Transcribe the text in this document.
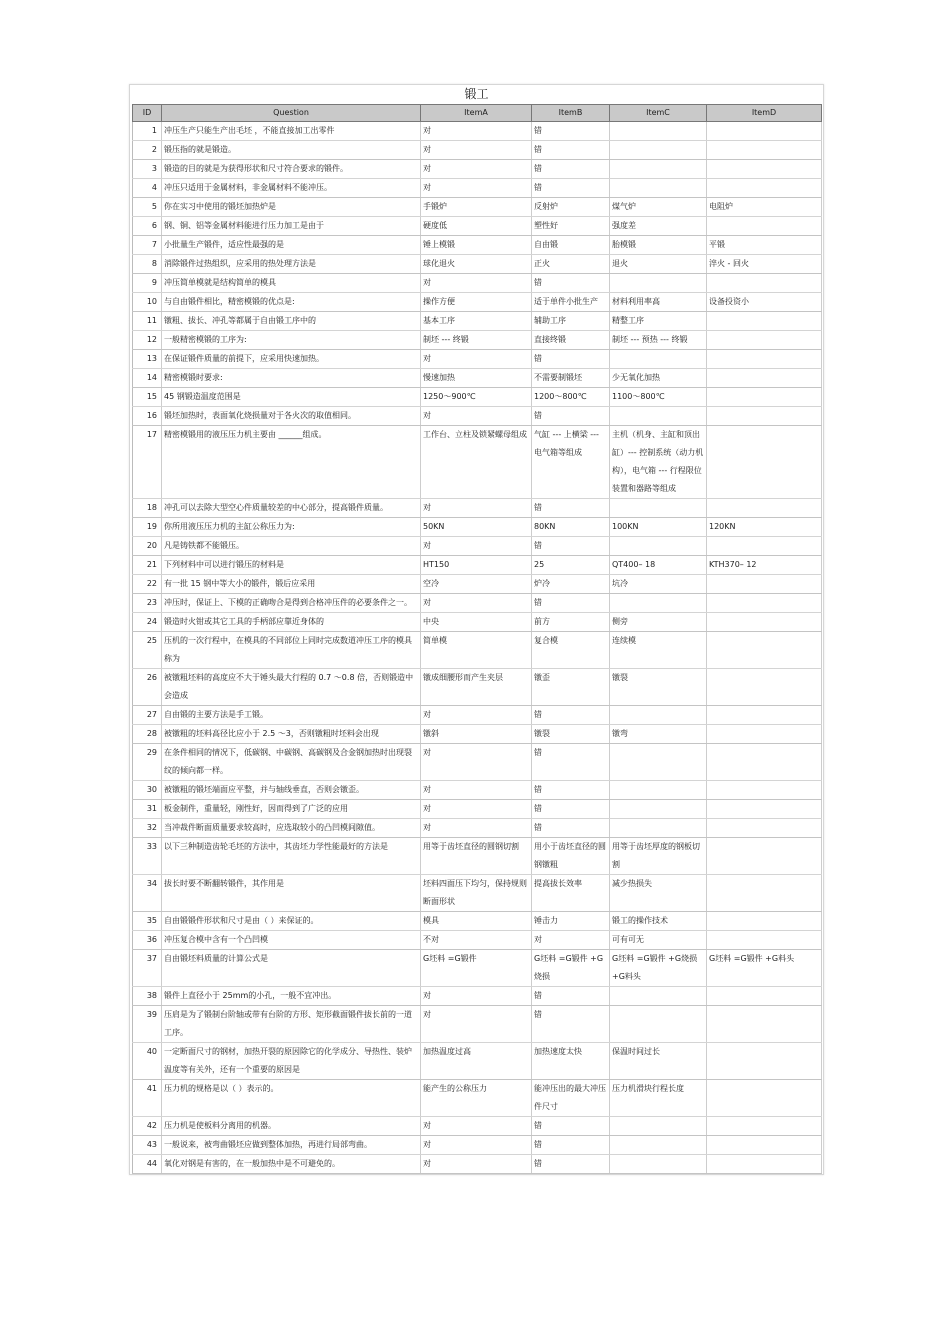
锻工
ID	Question	ItemA	ItemB	ItemC	ItemD
1	冲压生产只能生产出毛坯 ，不能直接加工出零件	对	错		
2	锻压指的就是锻造。	对	错		
3	锻造的目的就是为获得形状和尺寸符合要求的锻件。	对	错		
4	冲压只适用于金属材料，非金属材料不能冲压。	对	错		
5	你在实习中使用的锻坯加热炉是	手锻炉	反射炉	煤气炉	电阻炉
6	钢、铜、铝等金属材料能进行压力加工是由于	硬度低	塑性好	强度差	
7	小批量生产锻件，适应性最强的是	锤上模锻	自由锻	胎模锻	平锻
8	消除锻件过热组织，应采用的热处理方法是	球化退火	正火	退火	淬火 - 回火
9	冲压简单模就是结构简单的模具	对	错		
10	与自由锻件相比，精密模锻的优点是:	操作方便	适于单件小批生产	材料利用率高	设备投资小
11	镦粗、拔长、冲孔等都属于自由锻工序中的	基本工序	辅助工序	精整工序	
12	一般精密模锻的工序为:	制坯 --- 终锻	直接终锻	制坯 --- 预热 --- 终锻	
13	在保证锻件质量的前提下，应采用快速加热。	对	错		
14	精密模锻时要求:	慢速加热	不需要制锻坯	少无氧化加热	
15	45 钢锻造温度范围是	1250～900℃	1200～800℃	1100～800℃	
16	锻坯加热时，表面氧化烧损量对于各火次的取值相同。	对	错		
17	精密模锻用的液压压力机主要由 ______组成。	工作台、立柱及锁紧螺母组成	气缸 --- 上横梁 --- 电气箱等组成	主机（机身、主缸和顶出缸）--- 控制系统（动力机构），电气箱 --- 行程限位装置和器路等组成	
18	冲孔可以去除大型空心件质量较差的中心部分，提高锻件质量。	对	错		
19	你所用液压压力机的主缸公称压力为:	50KN	80KN	100KN	120KN
20	凡是铸铁都不能锻压。	对	错		
21	下列材料中可以进行锻压的材料是	HT150	25	QT400– 18	KTH370– 12
22	有一批 15 钢中等大小的锻件，锻后应采用	空冷	炉冷	坑冷	
23	冲压时，保证上、下模的正确吻合是得到合格冲压件的必要条件之一。	对	错		
24	锻造时火钳或其它工具的手柄部应靠近身体的	中央	前方	侧旁	
25	压机的一次行程中，在模具的不同部位上同时完成数道冲压工序的模具称为	简单模	复合模	连续模	
26	被镦粗坯料的高度应不大于锤头最大行程的 0.7 ～0.8 倍，否则锻造中会造成	镦成细腰形而产生夹层	镦歪	镦裂	
27	自由锻的主要方法是手工锻。	对	错		
28	被镦粗的坯料高径比应小于 2.5 ～3，否则镦粗时坯料会出现	镦斜	镦裂	镦弯	
29	在条件相同的情况下，低碳钢、中碳钢、高碳钢及合金钢加热时出现裂纹的倾向都一样。	对	错		
30	被镦粗的锻坯端面应平整，并与轴线垂直，否则会镦歪。	对	错		
31	板金制件，重量轻，刚性好，因而得到了广泛的应用	对	错		
32	当冲裁件断面质量要求较高时，应选取较小的凸凹模间隙值。	对	错		
33	以下三种制造齿轮毛坯的方法中，其齿坯力学性能最好的方法是	用等于齿坯直径的圆钢切割	用小于齿坯直径的圆钢镦粗	用等于齿坯厚度的钢板切割	
34	拔长时要不断翻转锻件，其作用是	坯料四面压下均匀，保持规则断面形状	提高拔长效率	减少热损失	
35	自由锻锻件形状和尺寸是由（ ）来保证的。	模具	锤击力	锻工的操作技术	
36	冲压复合模中含有一个凸凹模	不对	对	可有可无	
37	自由锻坯料质量的计算公式是	G坯料 =G锻件	G坯料 =G锻件 +G烧损	G坯料 =G锻件 +G烧损 +G料头	G坯料 =G锻件 +G料头
38	锻件上直径小于 25mm的小孔，一般不宜冲出。	对	错		
39	压肩是为了锻制台阶轴或带有台阶的方形、矩形截面锻件拔长前的一道工序。	对	错		
40	一定断面尺寸的钢材，加热开裂的原因除它的化学成分、导热性、装炉温度等有关外，还有一个重要的原因是	加热温度过高	加热速度太快	保温时间过长	
41	压力机的规格是以（ ）表示的。	能产生的公称压力	能冲压出的最大冲压件尺寸	压力机滑块行程长度	
42	压力机是使板料分离用的机器。	对	错		
43	一般说来，被弯曲锻坯应做到整体加热，再进行局部弯曲。	对	错		
44	氧化对钢是有害的，在一般加热中是不可避免的。	对	错		
